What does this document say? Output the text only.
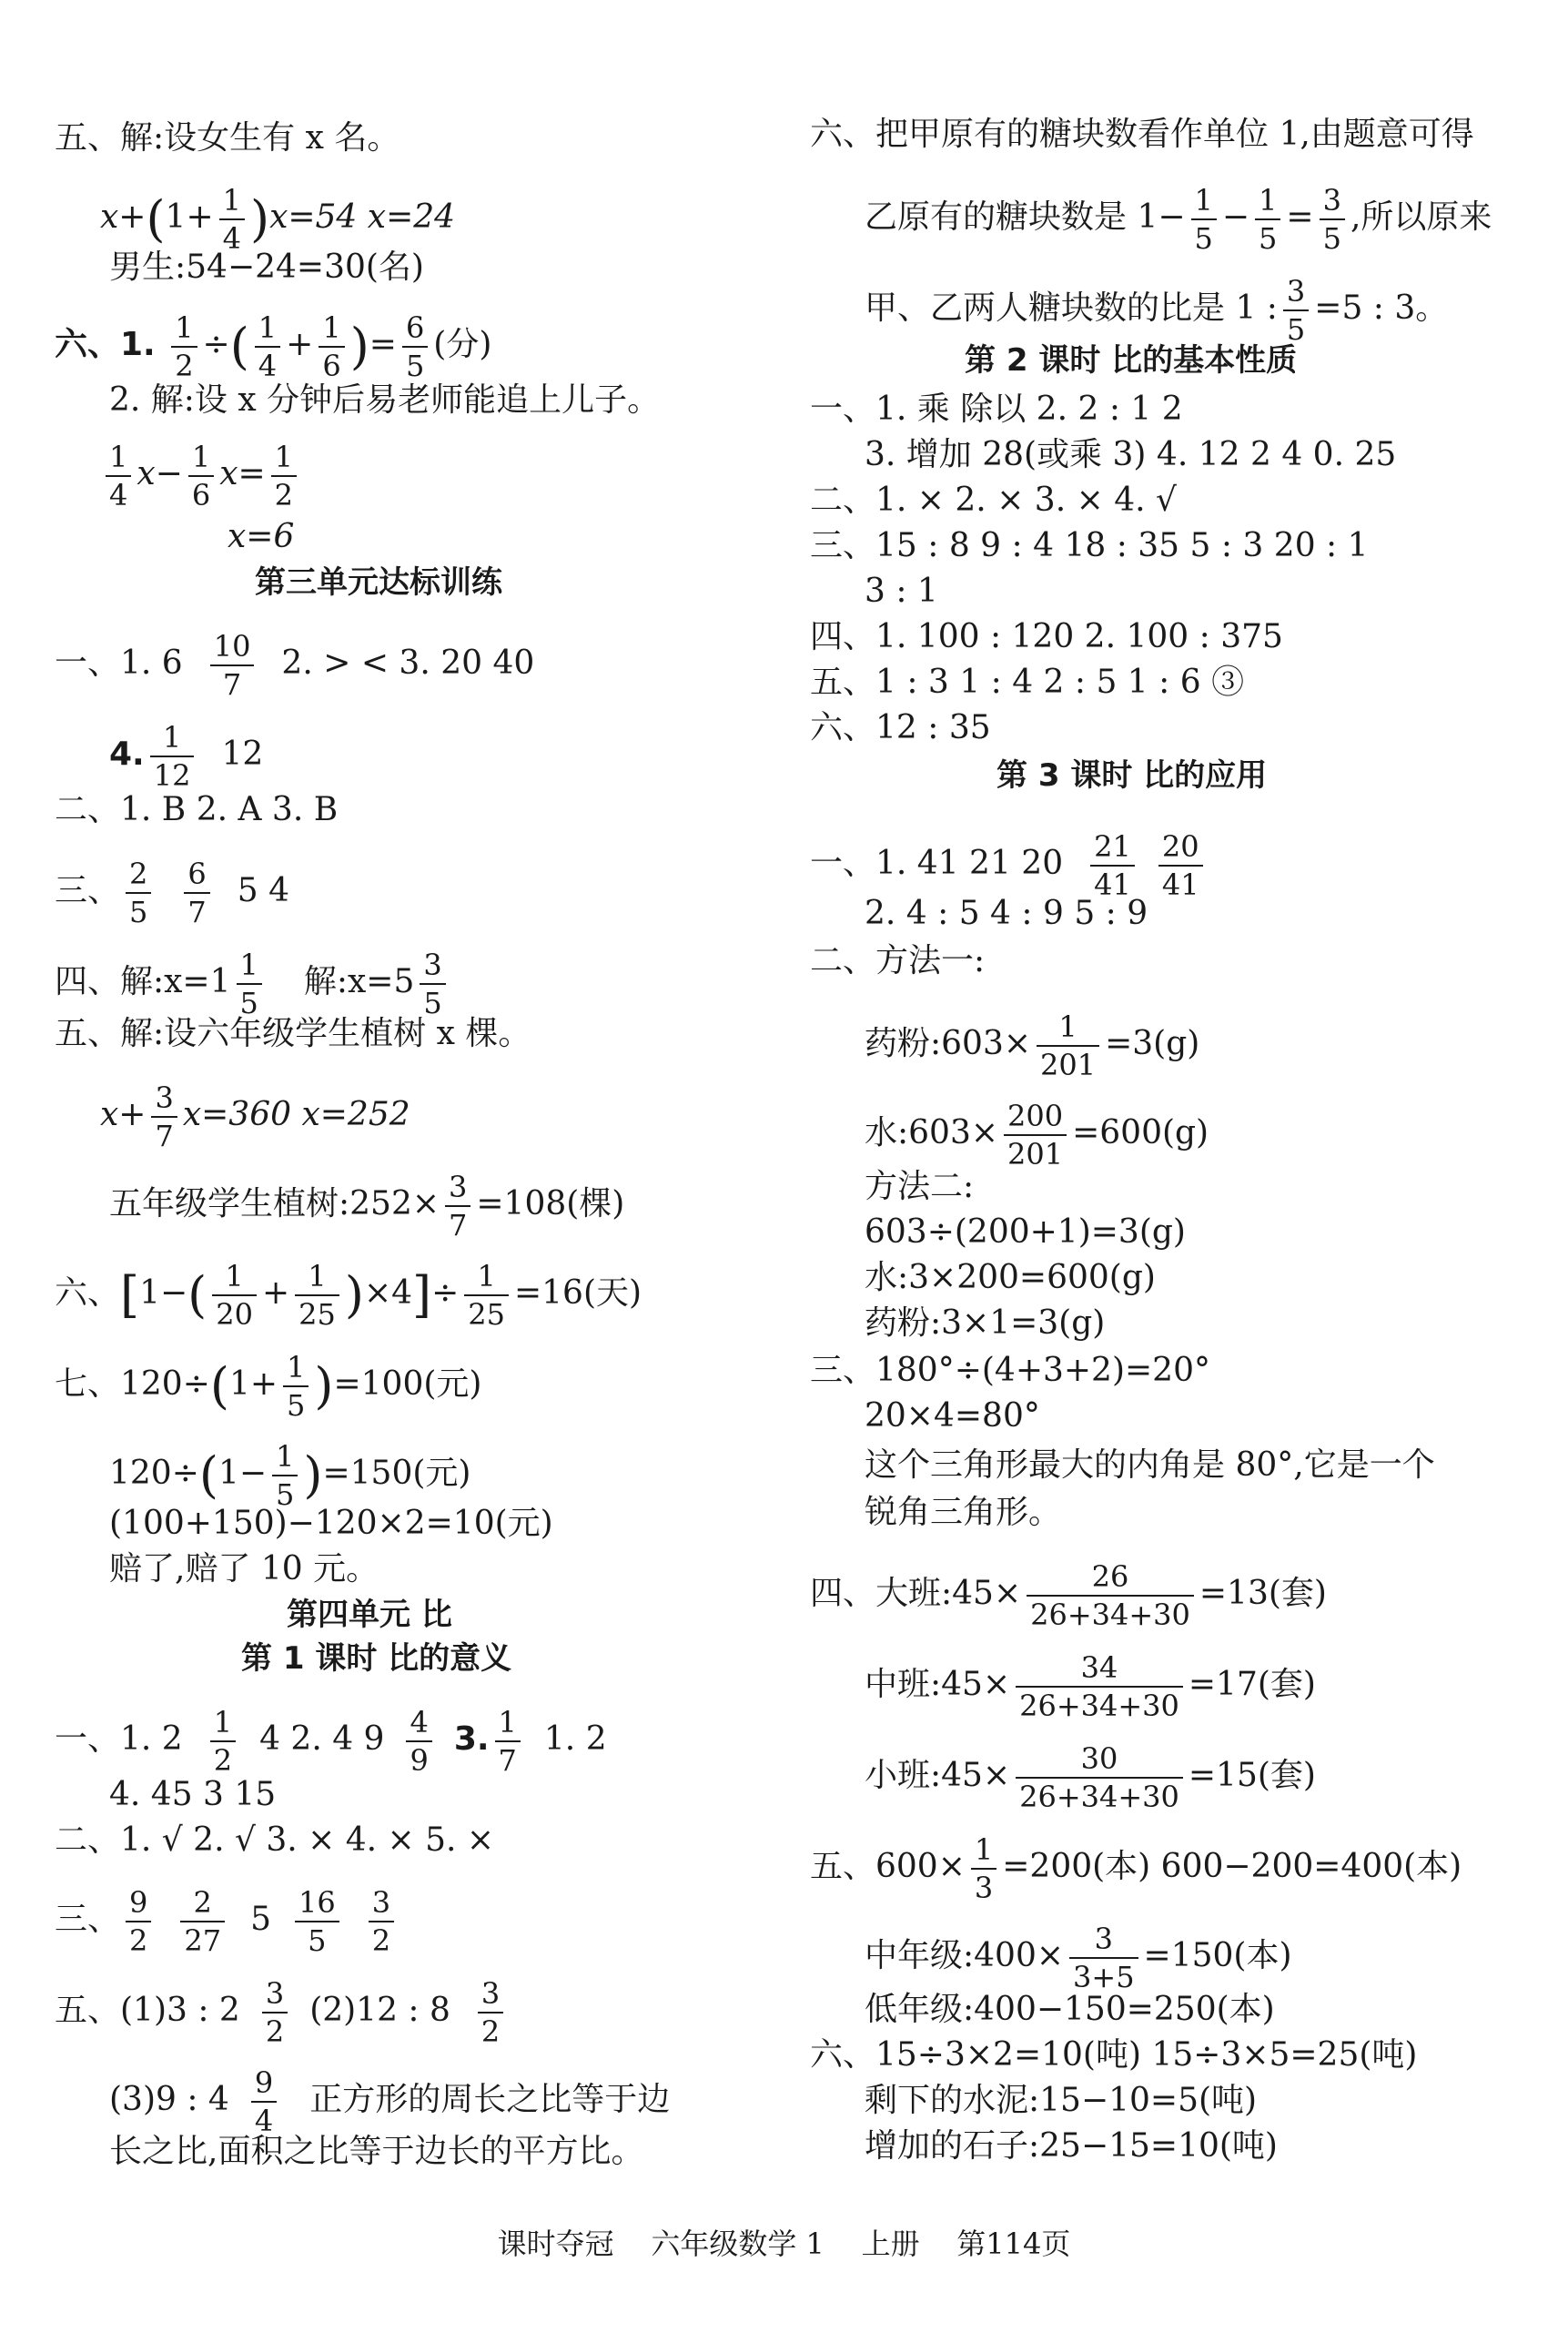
五、解:设女生有 x 名。
$x+(1+ \frac{1}{4} )x=54$ x=24
男生:54−24=30(名)
六、1. $\frac{1}{2}$ ÷( $\frac{1}{4} + \frac{1}{6}$ )= $\frac{6}{5}$ (分)
2. 解:设 x 分钟后易老师能追上儿子。
$\frac{1}{4} x- \frac{1}{6} x= \frac{1}{2}$
x=6
第三单元达标训练
一、1. $6 \frac{10}{7} 2$. > < 3. 20 40
4. $\frac{1}{12} 12$
二、1. B 2. A 3. B
三、 $\frac{2}{5} \frac{6}{7} 5$ 4
四、解:x=1 $\frac{1}{5}$ 解:x=5 $\frac{3}{5}$
五、解:设六年级学生植树 x 棵。
$x+ \frac{3}{7} x=360$ x=252
五年级学生植树:252× $\frac{3}{7} =108$(棵)
六、$[1-( \frac{1}{20} + \frac{1}{25} )\times 4]\div \frac{1}{25} =16$(天)
七、$120\div(1+ \frac{1}{5} )=100$(元)
$120\div(1- \frac{1}{5} )=150$(元)
(100+150)−120×2=10(元)
赔了,赔了 10 元。
第四单元 比
第 1 课时 比的意义
一、1. $2 \frac{1}{2} 4$ 2. 4 $9 \frac{4}{9} 3$. $\frac{1}{7} 1$. 2
4. 45 3 15
二、1. √ 2. √ 3. × 4. × 5. ×
三、 $\frac{9}{2} \frac{2}{27} 5 \frac{16}{5} \frac{3}{2}$
五、(1)3 : $2 \frac{3}{2} (2)12$ : $8 \frac{3}{2}$
(3)9 : $4 \frac{9}{4}$ 正方形的周长之比等于边
长之比,面积之比等于边长的平方比。
六、把甲原有的糖块数看作单位 1,由题意可得
乙原有的糖块数是 $1- \frac{1}{5} - \frac{1}{5} = \frac{3}{5}$ ,所以原来
甲、乙两人糖块数的比是 1 : $\frac{3}{5} =5$ : 3。
第 2 课时 比的基本性质
一、1. 乘 除以 2. 2 : 1 2
3. 增加 28(或乘 3) 4. 12 2 4 0. 25
二、1. × 2. × 3. × 4. √
三、15 : 8 9 : 4 18 : 35 5 : 3 20 : 1
3 : 1
四、1. 100 : 120 2. 100 : 375
五、1 : 3 1 : 4 2 : 5 1 : 6 ③
六、12 : 35
第 3 课时 比的应用
一、1. 41 21 $20 \frac{21}{41} \frac{20}{41}$
2. 4 : 5 4 : 9 5 : 9
二、方法一:
药粉:603× $\frac{1}{201} =3(g)$
水:603× $\frac{200}{201} =600(g)$
方法二:
603÷(200+1)=3(g)
水:3×200=600(g)
药粉:3×1=3(g)
三、180°÷(4+3+2)=20°
20×4=80°
这个三角形最大的内角是 80°,它是一个
锐角三角形。
四、大班:45× $\frac{26}{26+34+30} =13$(套)
中班:45× $\frac{34}{26+34+30} =17$(套)
小班:45× $\frac{30}{26+34+30} =15$(套)
五、$600\times \frac{1}{3} =200$(本) 600−200=400(本)
中年级:400× $\frac{3}{3+5} =150$(本)
低年级:400−150=250(本)
六、15÷3×2=10(吨) 15÷3×5=25(吨)
剩下的水泥:15−10=5(吨)
增加的石子:25−15=10(吨)
课时夺冠    六年级数学 1    上册    第114页
